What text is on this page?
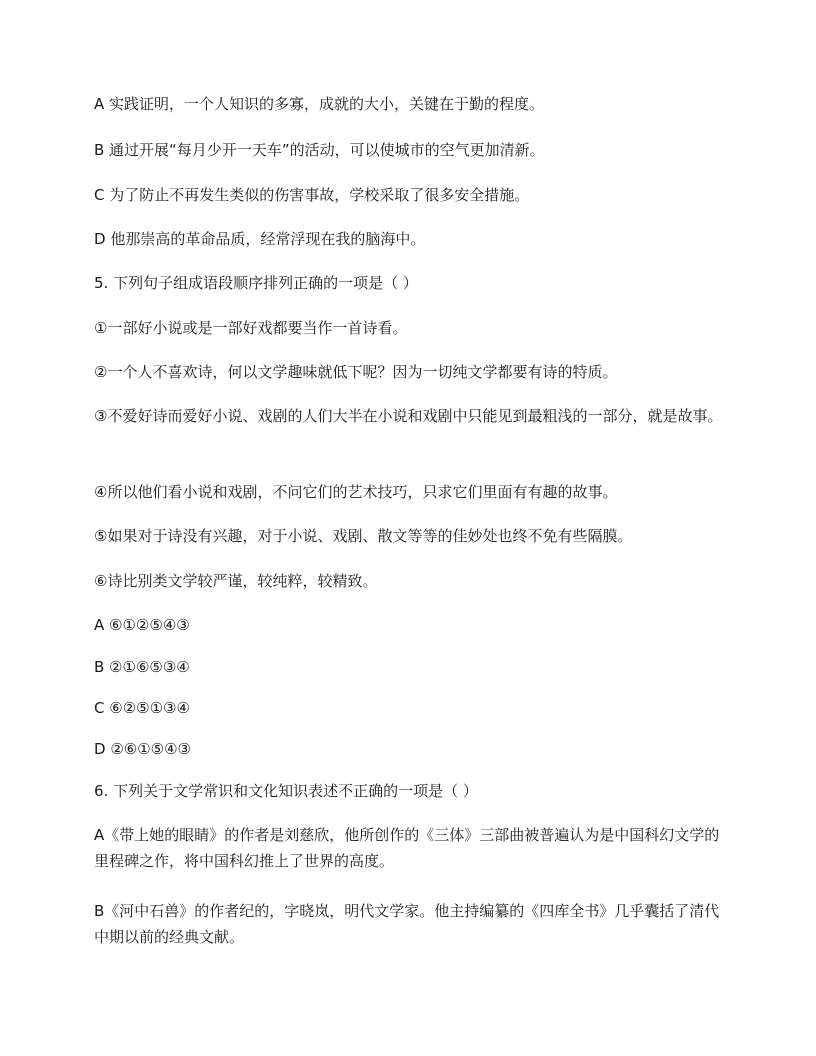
A 实践证明，一个人知识的多寡，成就的大小，关键在于勤的程度。
B 通过开展“每月少开一天车”的活动，可以使城市的空气更加清新。
C 为了防止不再发生类似的伤害事故，学校采取了很多安全措施。
D 他那崇高的革命品质，经常浮现在我的脑海中。
5. 下列句子组成语段顺序排列正确的一项是（ ）
①一部好小说或是一部好戏都要当作一首诗看。
②一个人不喜欢诗，何以文学趣味就低下呢？因为一切纯文学都要有诗的特质。
③不爱好诗而爱好小说、戏剧的人们大半在小说和戏剧中只能见到最粗浅的一部分，就是故事。
④所以他们看小说和戏剧，不问它们的艺术技巧，只求它们里面有有趣的故事。
⑤如果对于诗没有兴趣，对于小说、戏剧、散文等等的佳妙处也终不免有些隔膜。
⑥诗比别类文学较严谨，较纯粹，较精致。
A ⑥①②⑤④③
B ②①⑥⑤③④
C ⑥②⑤①③④
D ②⑥①⑤④③
6. 下列关于文学常识和文化知识表述不正确的一项是（ ）
A《带上她的眼睛》的作者是刘慈欣，他所创作的《三体》三部曲被普遍认为是中国科幻文学的里程碑之作，将中国科幻推上了世界的高度。
B《河中石兽》的作者纪的，字晓岚，明代文学家。他主持编纂的《四库全书》几乎囊括了清代中期以前的经典文献。
